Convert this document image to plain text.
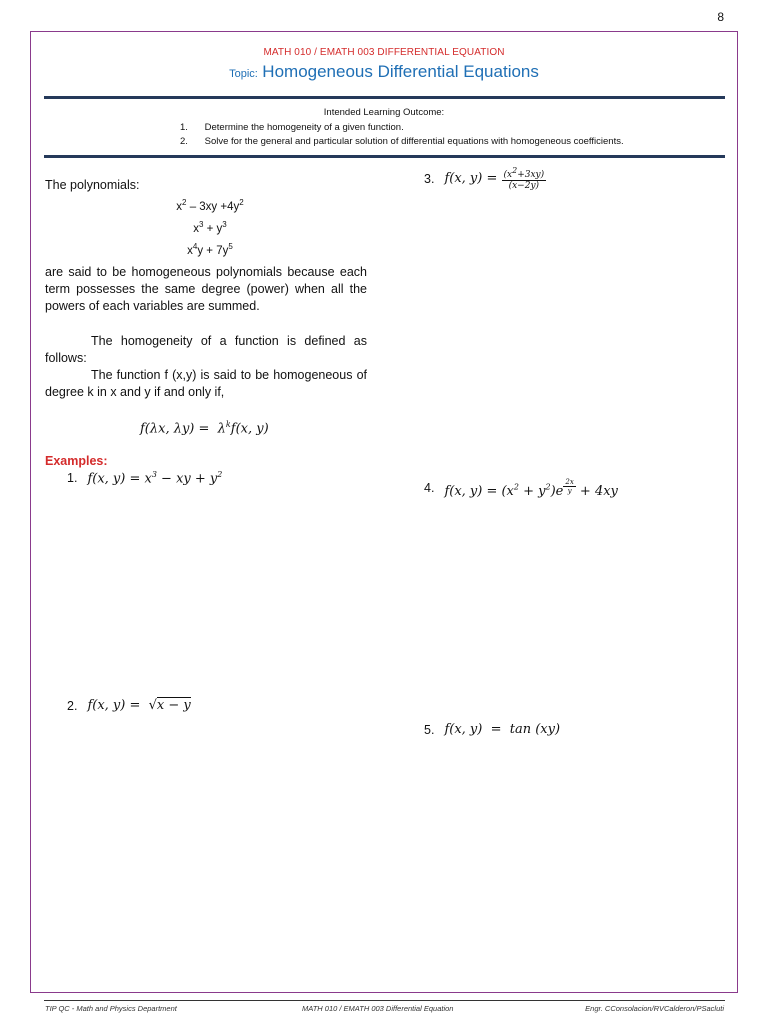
8
MATH 010 / EMATH 003 DIFFERENTIAL EQUATION
Topic: Homogeneous Differential Equations
Intended Learning Outcome:
1. Determine the homogeneity of a given function.
2. Solve for the general and particular solution of differential equations with homogeneous coefficients.
The polynomials:
$x^2 - 3xy +4y^2$
$x^3 + y^3$
$x^4y + 7y^5$
are said to be homogeneous polynomials because each term possesses the same degree (power) when all the powers of each variables are summed.
The homogeneity of a function is defined as follows:
The function f (x,y) is said to be homogeneous of degree k in x and y if and only if,
f(λx, $\lambda y) = \lambda^kf(x$, y)
Examples:
1. f(x, $y) = x^3$ − xy + $y^2$
2. f(x, y) =  √x − y
3. f(x, $y) = \frac{(x^2+3xy)}{(x-2y)}$
4. f(x, $y) = (x^2 + y^2)e$ $^{\frac{2x}{y}}$ + 4xy
5. f(x, y)  =  tan (xy)
TIP QC - Math and Physics Department	MATH 010 / EMATH 003 Differential Equation	Engr. CConsolacion/RVCalderon/PSacluti
